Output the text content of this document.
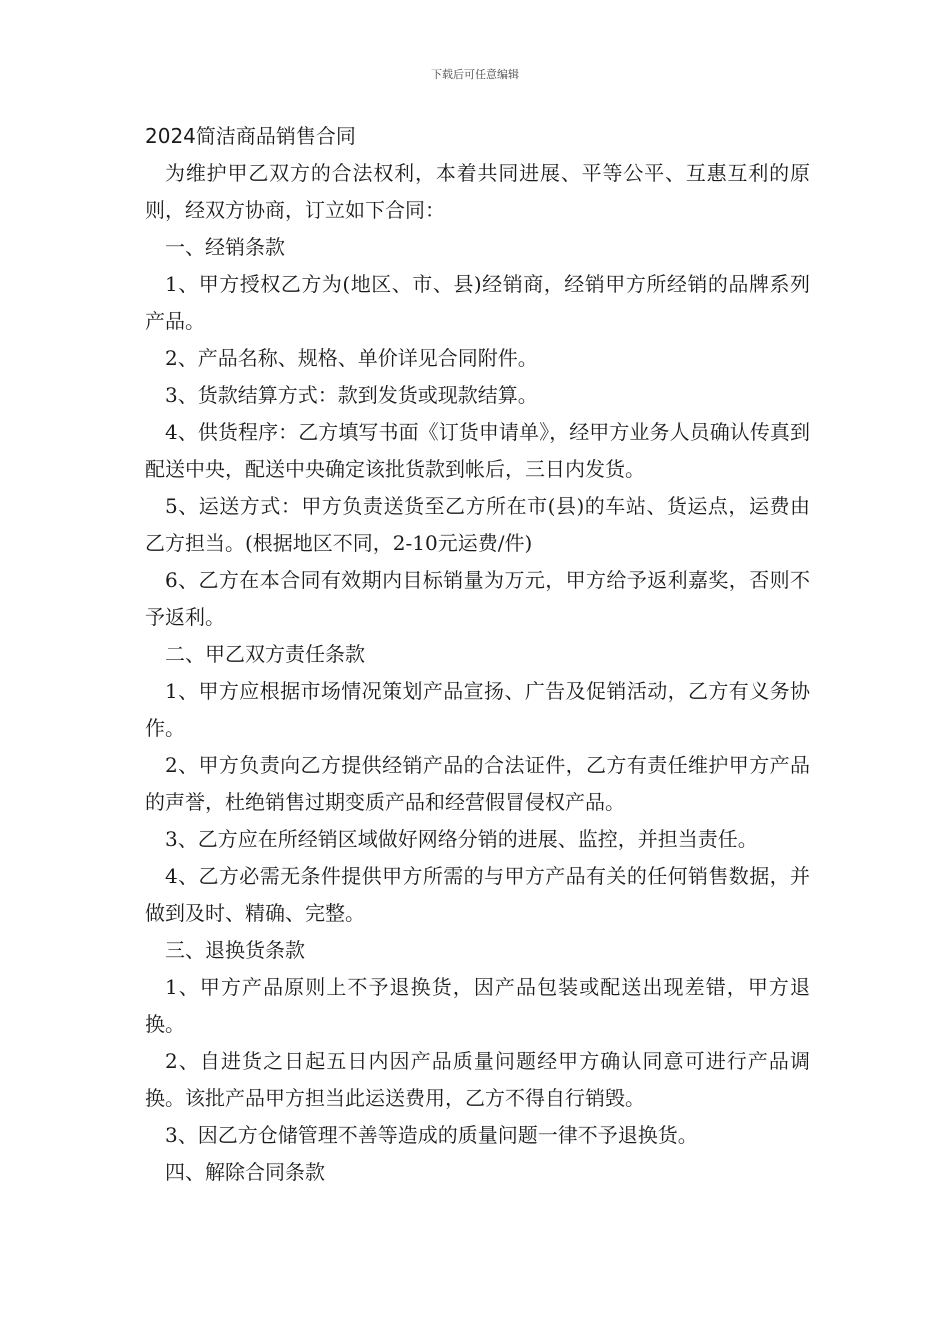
下载后可任意编辑

2024简洁商品销售合同

为维护甲乙双方的合法权利，本着共同进展、平等公平、互惠互利的原则，经双方协商，订立如下合同：

一、经销条款

1、甲方授权乙方为(地区、市、县)经销商，经销甲方所经销的品牌系列产品。

2、产品名称、规格、单价详见合同附件。

3、货款结算方式：款到发货或现款结算。

4、供货程序：乙方填写书面《订货申请单》，经甲方业务人员确认传真到配送中央，配送中央确定该批货款到帐后，三日内发货。

5、运送方式：甲方负责送货至乙方所在市(县)的车站、货运点，运费由乙方担当。(根据地区不同，2-10元运费/件)

6、乙方在本合同有效期内目标销量为万元，甲方给予返利嘉奖，否则不予返利。

二、甲乙双方责任条款

1、甲方应根据市场情况策划产品宣扬、广告及促销活动，乙方有义务协作。

2、甲方负责向乙方提供经销产品的合法证件，乙方有责任维护甲方产品的声誉，杜绝销售过期变质产品和经营假冒侵权产品。

3、乙方应在所经销区域做好网络分销的进展、监控，并担当责任。

4、乙方必需无条件提供甲方所需的与甲方产品有关的任何销售数据，并做到及时、精确、完整。

三、退换货条款

1、甲方产品原则上不予退换货，因产品包装或配送出现差错，甲方退换。

2、自进货之日起五日内因产品质量问题经甲方确认同意可进行产品调换。该批产品甲方担当此运送费用，乙方不得自行销毁。

3、因乙方仓储管理不善等造成的质量问题一律不予退换货。

四、解除合同条款
